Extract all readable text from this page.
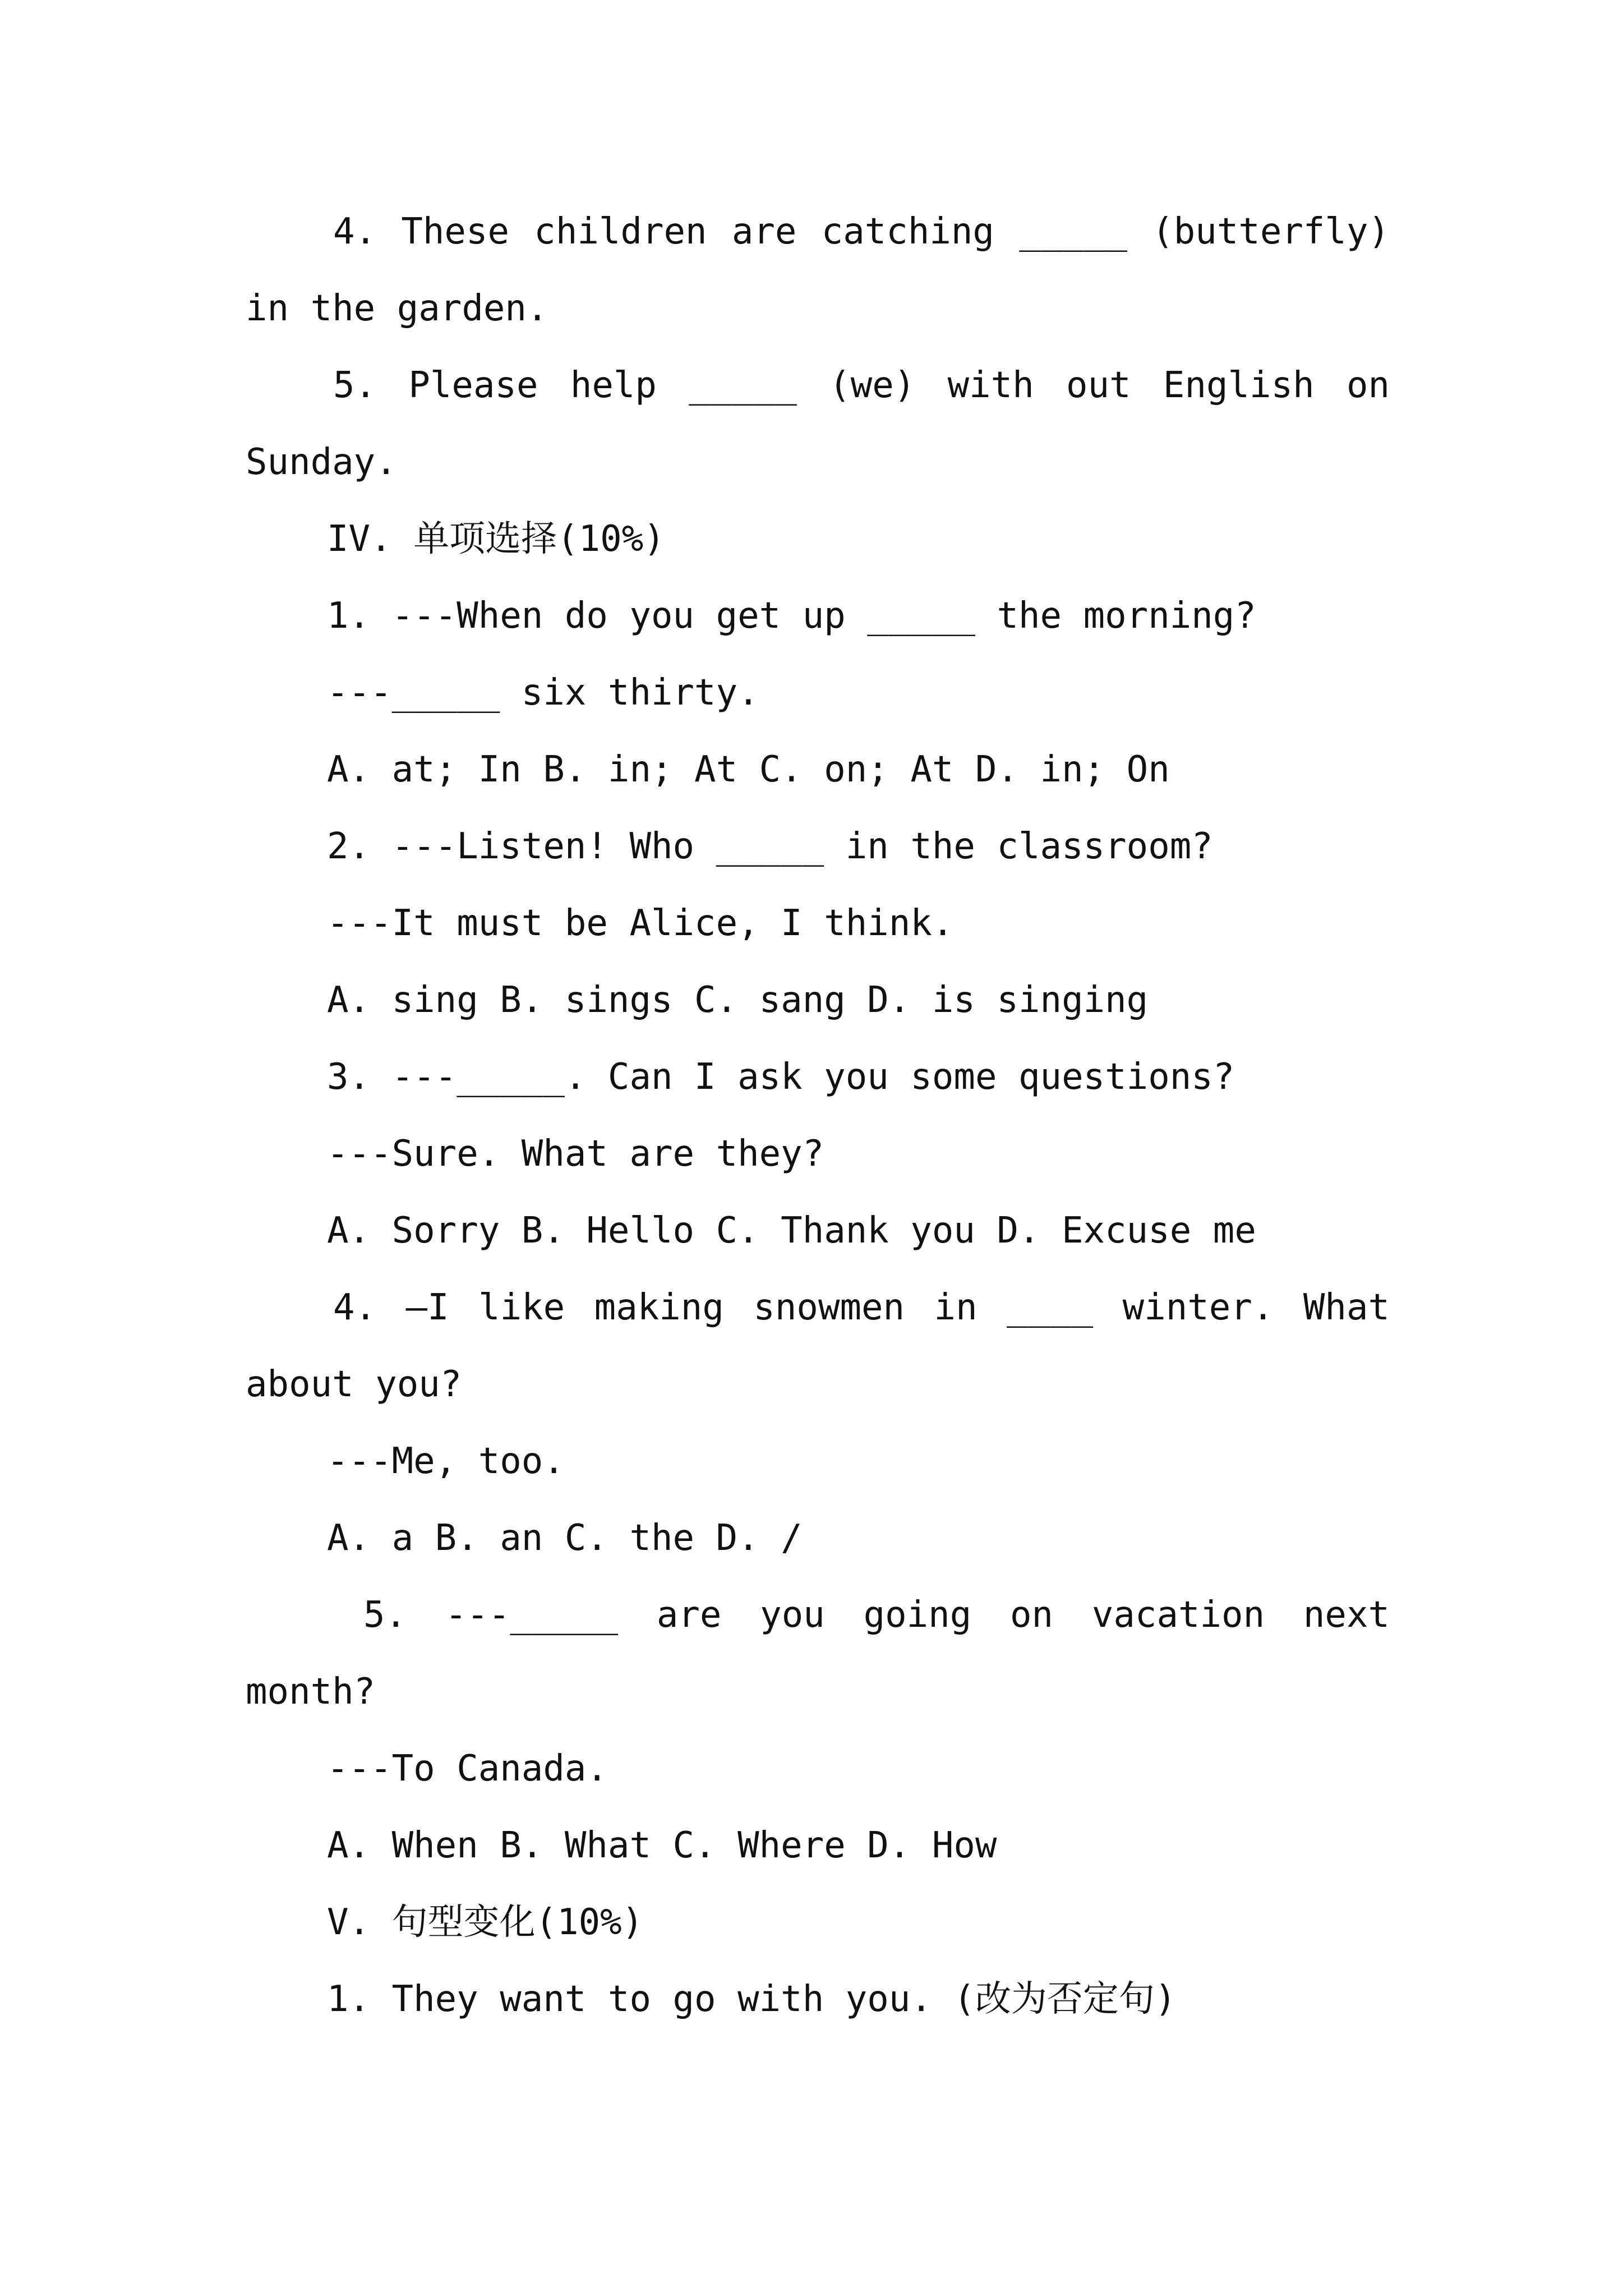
4. These children are catching _____ (butterfly)
in the garden.
5. Please help _____ (we) with out English on
Sunday.
IV. 单项选择(10%)
1. ---When do you get up _____ the morning?
---_____ six thirty.
A. at; In B. in; At C. on; At D. in; On
2. ---Listen! Who _____ in the classroom?
---It must be Alice, I think.
A. sing B. sings C. sang D. is singing
3. ---_____. Can I ask you some questions?
---Sure. What are they?
A. Sorry B. Hello C. Thank you D. Excuse me
4. –I like making snowmen in ____ winter. What
about you?
---Me, too.
A. a B. an C. the D. /
5. ---_____ are you going on vacation next
month?
---To Canada.
A. When B. What C. Where D. How
V. 句型变化(10%)
1. They want to go with you. (改为否定句)
